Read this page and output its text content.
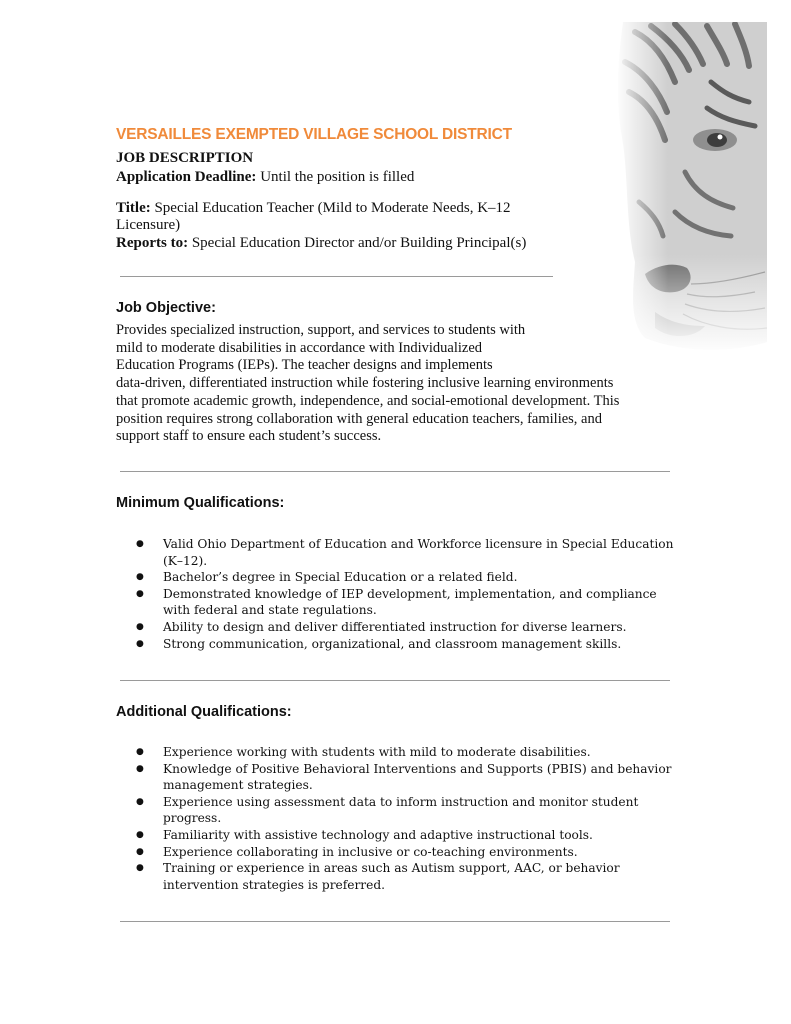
VERSAILLES EXEMPTED VILLAGE SCHOOL DISTRICT
JOB DESCRIPTION
Application Deadline: Until the position is filled
Title: Special Education Teacher (Mild to Moderate Needs, K–12 Licensure)
Reports to: Special Education Director and/or Building Principal(s)
Job Objective:
Provides specialized instruction, support, and services to students with
mild to moderate disabilities in accordance with Individualized
Education Programs (IEPs). The teacher designs and implements
data-driven, differentiated instruction while fostering inclusive learning environments
that promote academic growth, independence, and social-emotional development. This
position requires strong collaboration with general education teachers, families, and
support staff to ensure each student’s success.
Minimum Qualifications:
● Valid Ohio Department of Education and Workforce licensure in Special Education (K–12).
● Bachelor’s degree in Special Education or a related field.
● Demonstrated knowledge of IEP development, implementation, and compliance with federal and state regulations.
● Ability to design and deliver differentiated instruction for diverse learners.
● Strong communication, organizational, and classroom management skills.
Additional Qualifications:
● Experience working with students with mild to moderate disabilities.
● Knowledge of Positive Behavioral Interventions and Supports (PBIS) and behavior management strategies.
● Experience using assessment data to inform instruction and monitor student progress.
● Familiarity with assistive technology and adaptive instructional tools.
● Experience collaborating in inclusive or co-teaching environments.
● Training or experience in areas such as Autism support, AAC, or behavior intervention strategies is preferred.
